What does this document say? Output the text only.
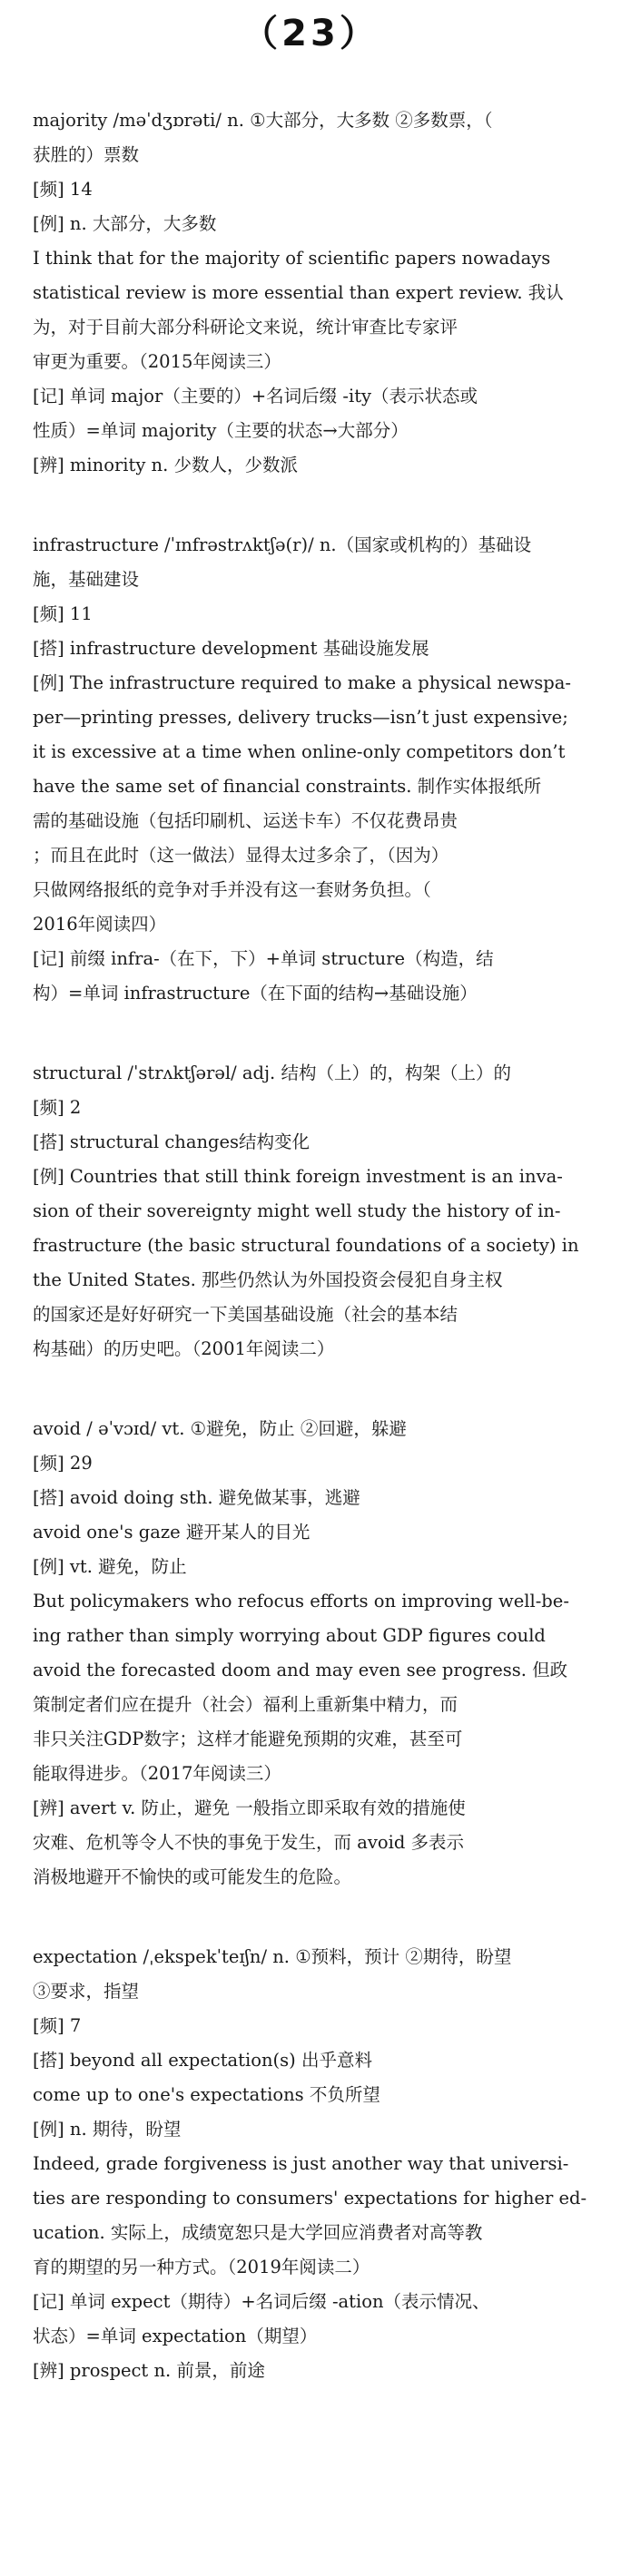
（23）

majority /məˈdʒɒrəti/ n. ①大部分，大多数 ②多数票，（

获胜的）票数

[频] 14

[例] n. 大部分，大多数

I think that for the majority of scientific papers nowadays

statistical review is more essential than expert review. 我认

为，对于目前大部分科研论文来说，统计审查比专家评

审更为重要。（2015年阅读三）

[记] 单词 major（主要的）+名词后缀 -ity（表示状态或

性质）=单词 majority（主要的状态→大部分）

[辨] minority n. 少数人，少数派

infrastructure /ˈɪnfrəstrʌktʃə(r)/ n.（国家或机构的）基础设

施，基础建设

[频] 11

[搭] infrastructure development 基础设施发展

[例] The infrastructure required to make a physical newspa-

per—printing presses, delivery trucks—isn’t just expensive;

it is excessive at a time when online-only competitors don’t

have the same set of financial constraints. 制作实体报纸所

需的基础设施（包括印刷机、运送卡车）不仅花费昂贵

；而且在此时（这一做法）显得太过多余了，（因为）

只做网络报纸的竞争对手并没有这一套财务负担。（

2016年阅读四）

[记] 前缀 infra-（在下，下）+单词 structure（构造，结

构）=单词 infrastructure（在下面的结构→基础设施）

structural /ˈstrʌktʃərəl/ adj. 结构（上）的，构架（上）的

[频] 2

[搭] structural changes结构变化

[例] Countries that still think foreign investment is an inva-

sion of their sovereignty might well study the history of in-

frastructure (the basic structural foundations of a society) in

the United States. 那些仍然认为外国投资会侵犯自身主权

的国家还是好好研究一下美国基础设施（社会的基本结

构基础）的历史吧。（2001年阅读二）

avoid / əˈvɔɪd/ vt. ①避免，防止 ②回避，躲避

[频] 29

[搭] avoid doing sth. 避免做某事，逃避

avoid one's gaze 避开某人的目光

[例] vt. 避免，防止

But policymakers who refocus efforts on improving well-be-

ing rather than simply worrying about GDP figures could

avoid the forecasted doom and may even see progress. 但政

策制定者们应在提升（社会）福利上重新集中精力，而

非只关注GDP数字；这样才能避免预期的灾难，甚至可

能取得进步。（2017年阅读三）

[辨] avert v. 防止，避免 一般指立即采取有效的措施使

灾难、危机等令人不快的事免于发生，而 avoid 多表示

消极地避开不愉快的或可能发生的危险。

expectation /ˌekspekˈteɪʃn/ n. ①预料，预计 ②期待，盼望

③要求，指望

[频] 7

[搭] beyond all expectation(s) 出乎意料

come up to one's expectations 不负所望

[例] n. 期待，盼望

Indeed, grade forgiveness is just another way that universi-

ties are responding to consumers' expectations for higher ed-

ucation. 实际上，成绩宽恕只是大学回应消费者对高等教

育的期望的另一种方式。（2019年阅读二）

[记] 单词 expect（期待）+名词后缀 -ation（表示情况、

状态）=单词 expectation（期望）

[辨] prospect n. 前景，前途
